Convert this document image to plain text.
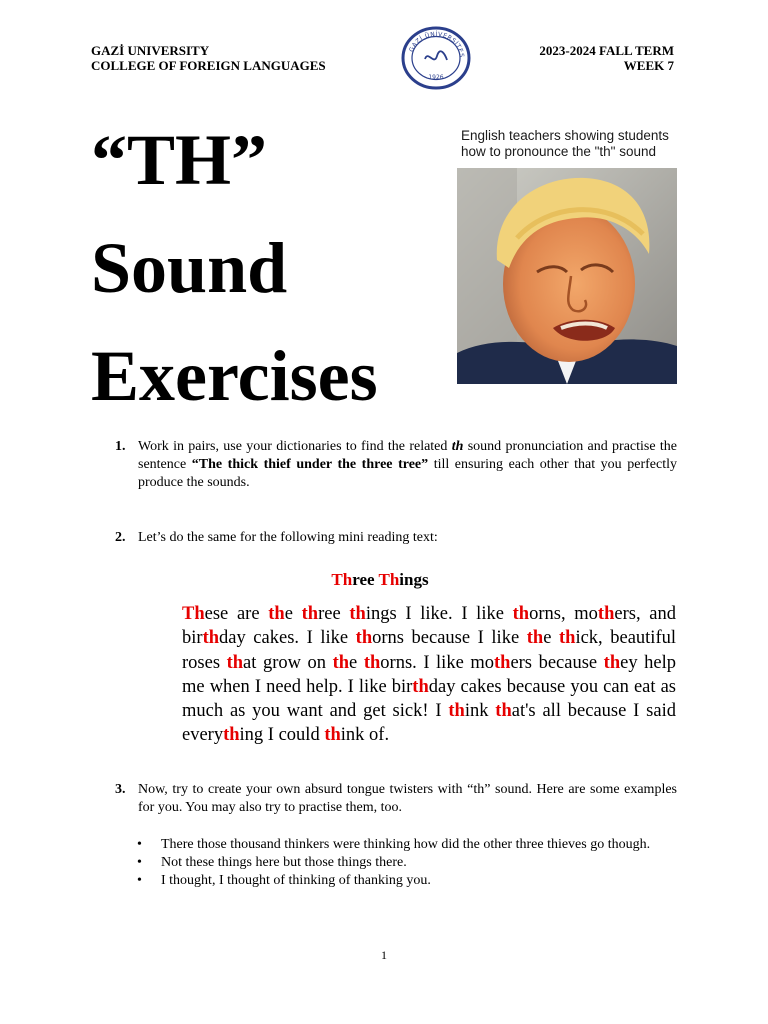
GAZİ UNIVERSITY
COLLEGE OF FOREIGN LANGUAGES
GAZİ ÜNİVERSİTES
1926
2023-2024 FALL TERM
WEEK 7
“TH”
Sound
Exercises
English teachers showing students how to pronounce the "th" sound
1. Work in pairs, use your dictionaries to find the related th sound pronunciation and practise the sentence “The thick thief under the three tree” till ensuring each other that you perfectly produce the sounds.
2. Let’s do the same for the following mini reading text:
Three Things
These are the three things I like. I like thorns, mothers, and birthday cakes. I like thorns because I like the thick, beautiful roses that grow on the thorns. I like mothers because they help me when I need help. I like birthday cakes because you can eat as much as you want and get sick! I think that's all because I said everything I could think of.
3. Now, try to create your own absurd tongue twisters with “th” sound. Here are some examples for you. You may also try to practise them, too.
• There those thousand thinkers were thinking how did the other three thieves go though.
• Not these things here but those things there.
• I thought, I thought of thinking of thanking you.
1
